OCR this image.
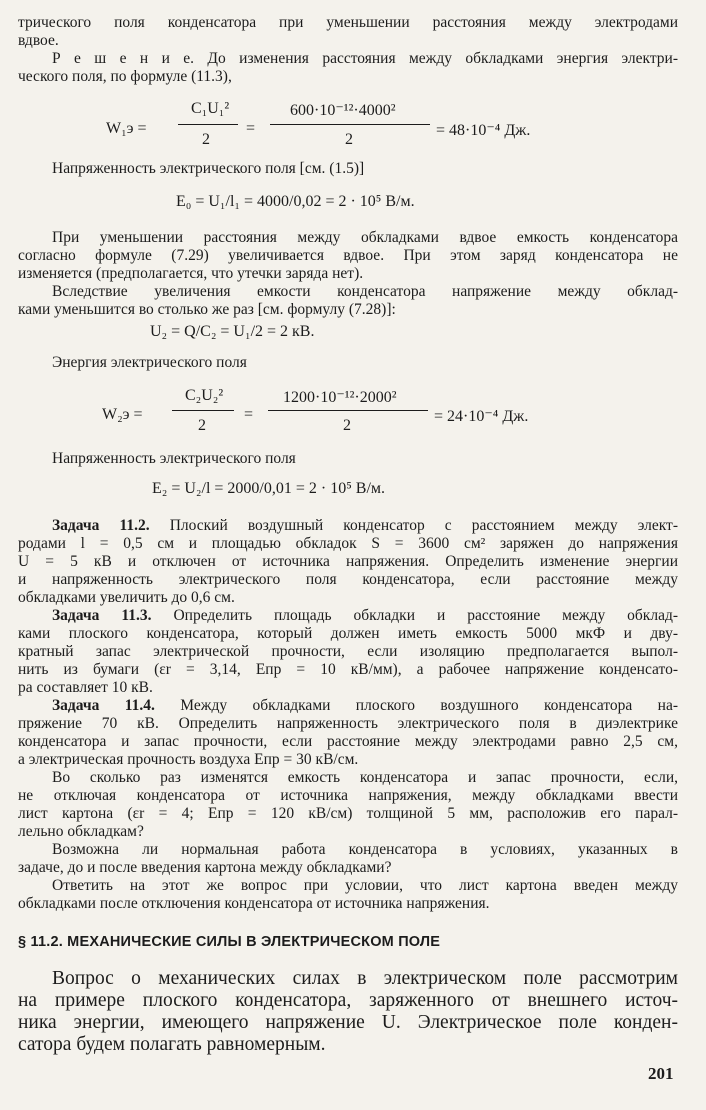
трического поля конденсатора при уменьшении расстояния между электродами
вдвое.
Р е ш е н и е. До изменения расстояния между обкладками энергия электри-
ческого поля, по формуле (11.3),
W₁э =
C₁U₁²
2
=
600·10⁻¹²·4000²
2
= 48·10⁻⁴ Дж.
Напряженность электрического поля [см. (1.5)]
E₀ = U₁/l₁ = 4000/0,02 = 2 · 10⁵ В/м.
При уменьшении расстояния между обкладками вдвое емкость конденсатора
согласно формуле (7.29) увеличивается вдвое. При этом заряд конденсатора не
изменяется (предполагается, что утечки заряда нет).
Вследствие увеличения емкости конденсатора напряжение между обклад-
ками уменьшится во столько же раз [см. формулу (7.28)]:
U₂ = Q/C₂ = U₁/2 = 2 кВ.
Энергия электрического поля
W₂э =
C₂U₂²
2
=
1200·10⁻¹²·2000²
2
= 24·10⁻⁴ Дж.
Напряженность электрического поля
E₂ = U₂/l = 2000/0,01 = 2 · 10⁵ В/м.
Задача 11.2. Плоский воздушный конденсатор с расстоянием между элект-
родами l = 0,5 см и площадью обкладок S = 3600 см² заряжен до напряжения
U = 5 кВ и отключен от источника напряжения. Определить изменение энергии
и напряженность электрического поля конденсатора, если расстояние между
обкладками увеличить до 0,6 см.
Задача 11.3. Определить площадь обкладки и расстояние между обклад-
ками плоского конденсатора, который должен иметь емкость 5000 мкФ и дву-
кратный запас электрической прочности, если изоляцию предполагается выпол-
нить из бумаги (εr = 3,14, Eпр = 10 кВ/мм), а рабочее напряжение конденсато-
ра составляет 10 кВ.
Задача 11.4. Между обкладками плоского воздушного конденсатора на-
пряжение 70 кВ. Определить напряженность электрического поля в диэлектрике
конденсатора и запас прочности, если расстояние между электродами равно 2,5 см,
а электрическая прочность воздуха Eпр = 30 кВ/см.
Во сколько раз изменятся емкость конденсатора и запас прочности, если,
не отключая конденсатора от источника напряжения, между обкладками ввести
лист картона (εr = 4; Eпр = 120 кВ/см) толщиной 5 мм, расположив его парал-
лельно обкладкам?
Возможна ли нормальная работа конденсатора в условиях, указанных в
задаче, до и после введения картона между обкладками?
Ответить на этот же вопрос при условии, что лист картона введен между
обкладками после отключения конденсатора от источника напряжения.
§ 11.2. МЕХАНИЧЕСКИЕ СИЛЫ В ЭЛЕКТРИЧЕСКОМ ПОЛЕ
Вопрос о механических силах в электрическом поле рассмотрим
на примере плоского конденсатора, заряженного от внешнего источ-
ника энергии, имеющего напряжение U. Электрическое поле конден-
сатора будем полагать равномерным.
201
